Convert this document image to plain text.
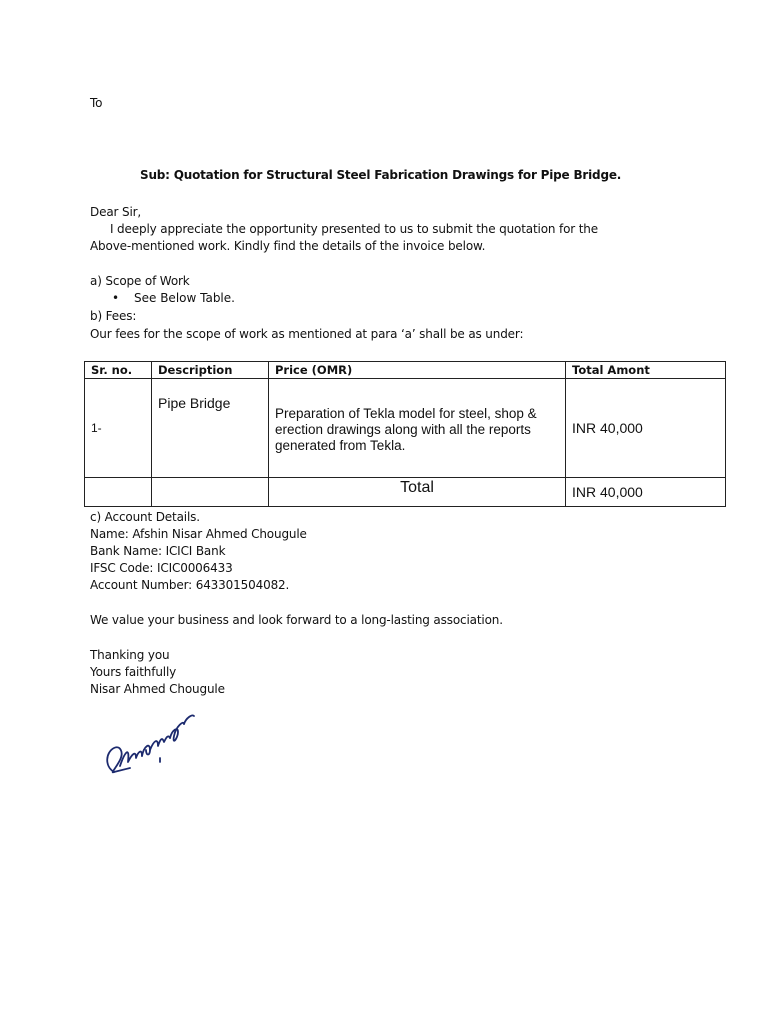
To
Sub: Quotation for Structural Steel Fabrication Drawings for Pipe Bridge.
Dear Sir,
I deeply appreciate the opportunity presented to us to submit the quotation for the
Above-mentioned work. Kindly find the details of the invoice below.
a) Scope of Work
• See Below Table.
b) Fees:
Our fees for the scope of work as mentioned at para ‘a’ shall be as under:
Sr. no.	Description	Price (OMR)	Total Amont
1-	Pipe Bridge	Preparation of Tekla model for steel, shop &
erection drawings along with all the reports
generated from Tekla.	INR 40,000
		Total	INR 40,000
c) Account Details.
Name: Afshin Nisar Ahmed Chougule
Bank Name: ICICI Bank
IFSC Code: ICIC0006433
Account Number: 643301504082.
We value your business and look forward to a long-lasting association.
Thanking you
Yours faithfully
Nisar Ahmed Chougule
